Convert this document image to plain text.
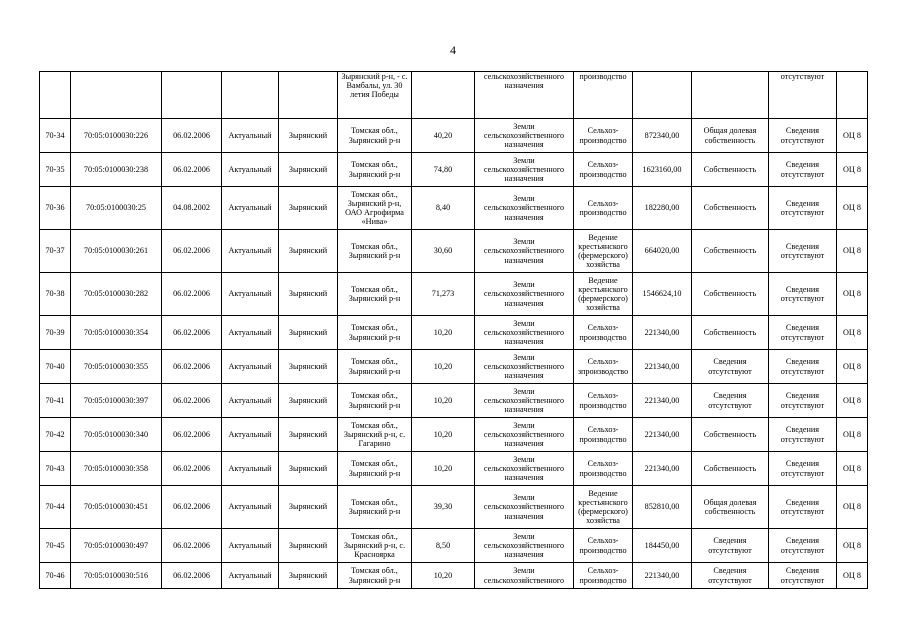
4
					Зырянский р-н, - с. Вамбалы, ул. 30 летия Победы		сельскохозяйственного назначения	производство			отсутствуют	
70-34	70:05:0100030:226	06.02.2006	Актуальный	Зырянский	Томская обл., Зырянский р-н	40,20	Земли сельскохозяйственного назначения	Сельхоз-производство	872340,00	Общая долевая собственность	Сведения отсутствуют	ОЦ 8
70-35	70:05:0100030:238	06.02.2006	Актуальный	Зырянский	Томская обл., Зырянский р-н	74,80	Земли сельскохозяйственного назначения	Сельхоз-производство	1623160,00	Собственность	Сведения отсутствуют	ОЦ 8
70-36	70:05:0100030:25	04.08.2002	Актуальный	Зырянский	Томская обл., Зырянский р-н, ОАО Агрофирма «Нива»	8,40	Земли сельскохозяйственного назначения	Сельхоз-производство	182280,00	Собственность	Сведения отсутствуют	ОЦ 8
70-37	70:05:0100030:261	06.02.2006	Актуальный	Зырянский	Томская обл., Зырянский р-н	30,60	Земли сельскохозяйственного назначения	Ведение крестьянского (фермерского) хозяйства	664020,00	Собственность	Сведения отсутствуют	ОЦ 8
70-38	70:05:0100030:282	06.02.2006	Актуальный	Зырянский	Томская обл., Зырянский р-н	71,273	Земли сельскохозяйственного назначения	Ведение крестьянского (фермерского) хозяйства	1546624,10	Собственность	Сведения отсутствуют	ОЦ 8
70-39	70:05:0100030:354	06.02.2006	Актуальный	Зырянский	Томская обл., Зырянский р-н	10,20	Земли сельскохозяйственного назначения	Сельхоз-производство	221340,00	Собственность	Сведения отсутствуют	ОЦ 8
70-40	70:05:0100030:355	06.02.2006	Актуальный	Зырянский	Томская обл., Зырянский р-н	10,20	Земли сельскохозяйственного назначения	Сельхоз-зпроизводство	221340,00	Сведения отсутствуют	Сведения отсутствуют	ОЦ 8
70-41	70:05:0100030:397	06.02.2006	Актуальный	Зырянский	Томская обл., Зырянский р-н	10,20	Земли сельскохозяйственного назначения	Сельхоз-производство	221340,00	Сведения отсутствуют	Сведения отсутствуют	ОЦ 8
70-42	70:05:0100030:340	06.02.2006	Актуальный	Зырянский	Томская обл., Зырянский р-н, с. Гагарино	10,20	Земли сельскохозяйственного назначения	Сельхоз-производство	221340,00	Собственность	Сведения отсутствуют	ОЦ 8
70-43	70:05:0100030:358	06.02.2006	Актуальный	Зырянский	Томская обл., Зырянский р-н	10,20	Земли сельскохозяйственного назначения	Сельхоз-производство	221340,00	Собственность	Сведения отсутствуют	ОЦ 8
70-44	70:05:0100030:451	06.02.2006	Актуальный	Зырянский	Томская обл., Зырянский р-н	39,30	Земли сельскохозяйственного назначения	Ведение крестьянского (фермерского) хозяйства	852810,00	Общая долевая собственность	Сведения отсутствуют	ОЦ 8
70-45	70:05:0100030:497	06.02.2006	Актуальный	Зырянский	Томская обл., Зырянский р-н, с. Красноярка	8,50	Земли сельскохозяйственного назначения	Сельхоз-производство	184450,00	Сведения отсутствуют	Сведения отсутствуют	ОЦ 8
70-46	70:05:0100030:516	06.02.2006	Актуальный	Зырянский	Томская обл., Зырянский р-н	10,20	Земли сельскохозяйственного	Сельхоз-производство	221340,00	Сведения отсутствуют	Сведения отсутствуют	ОЦ 8
